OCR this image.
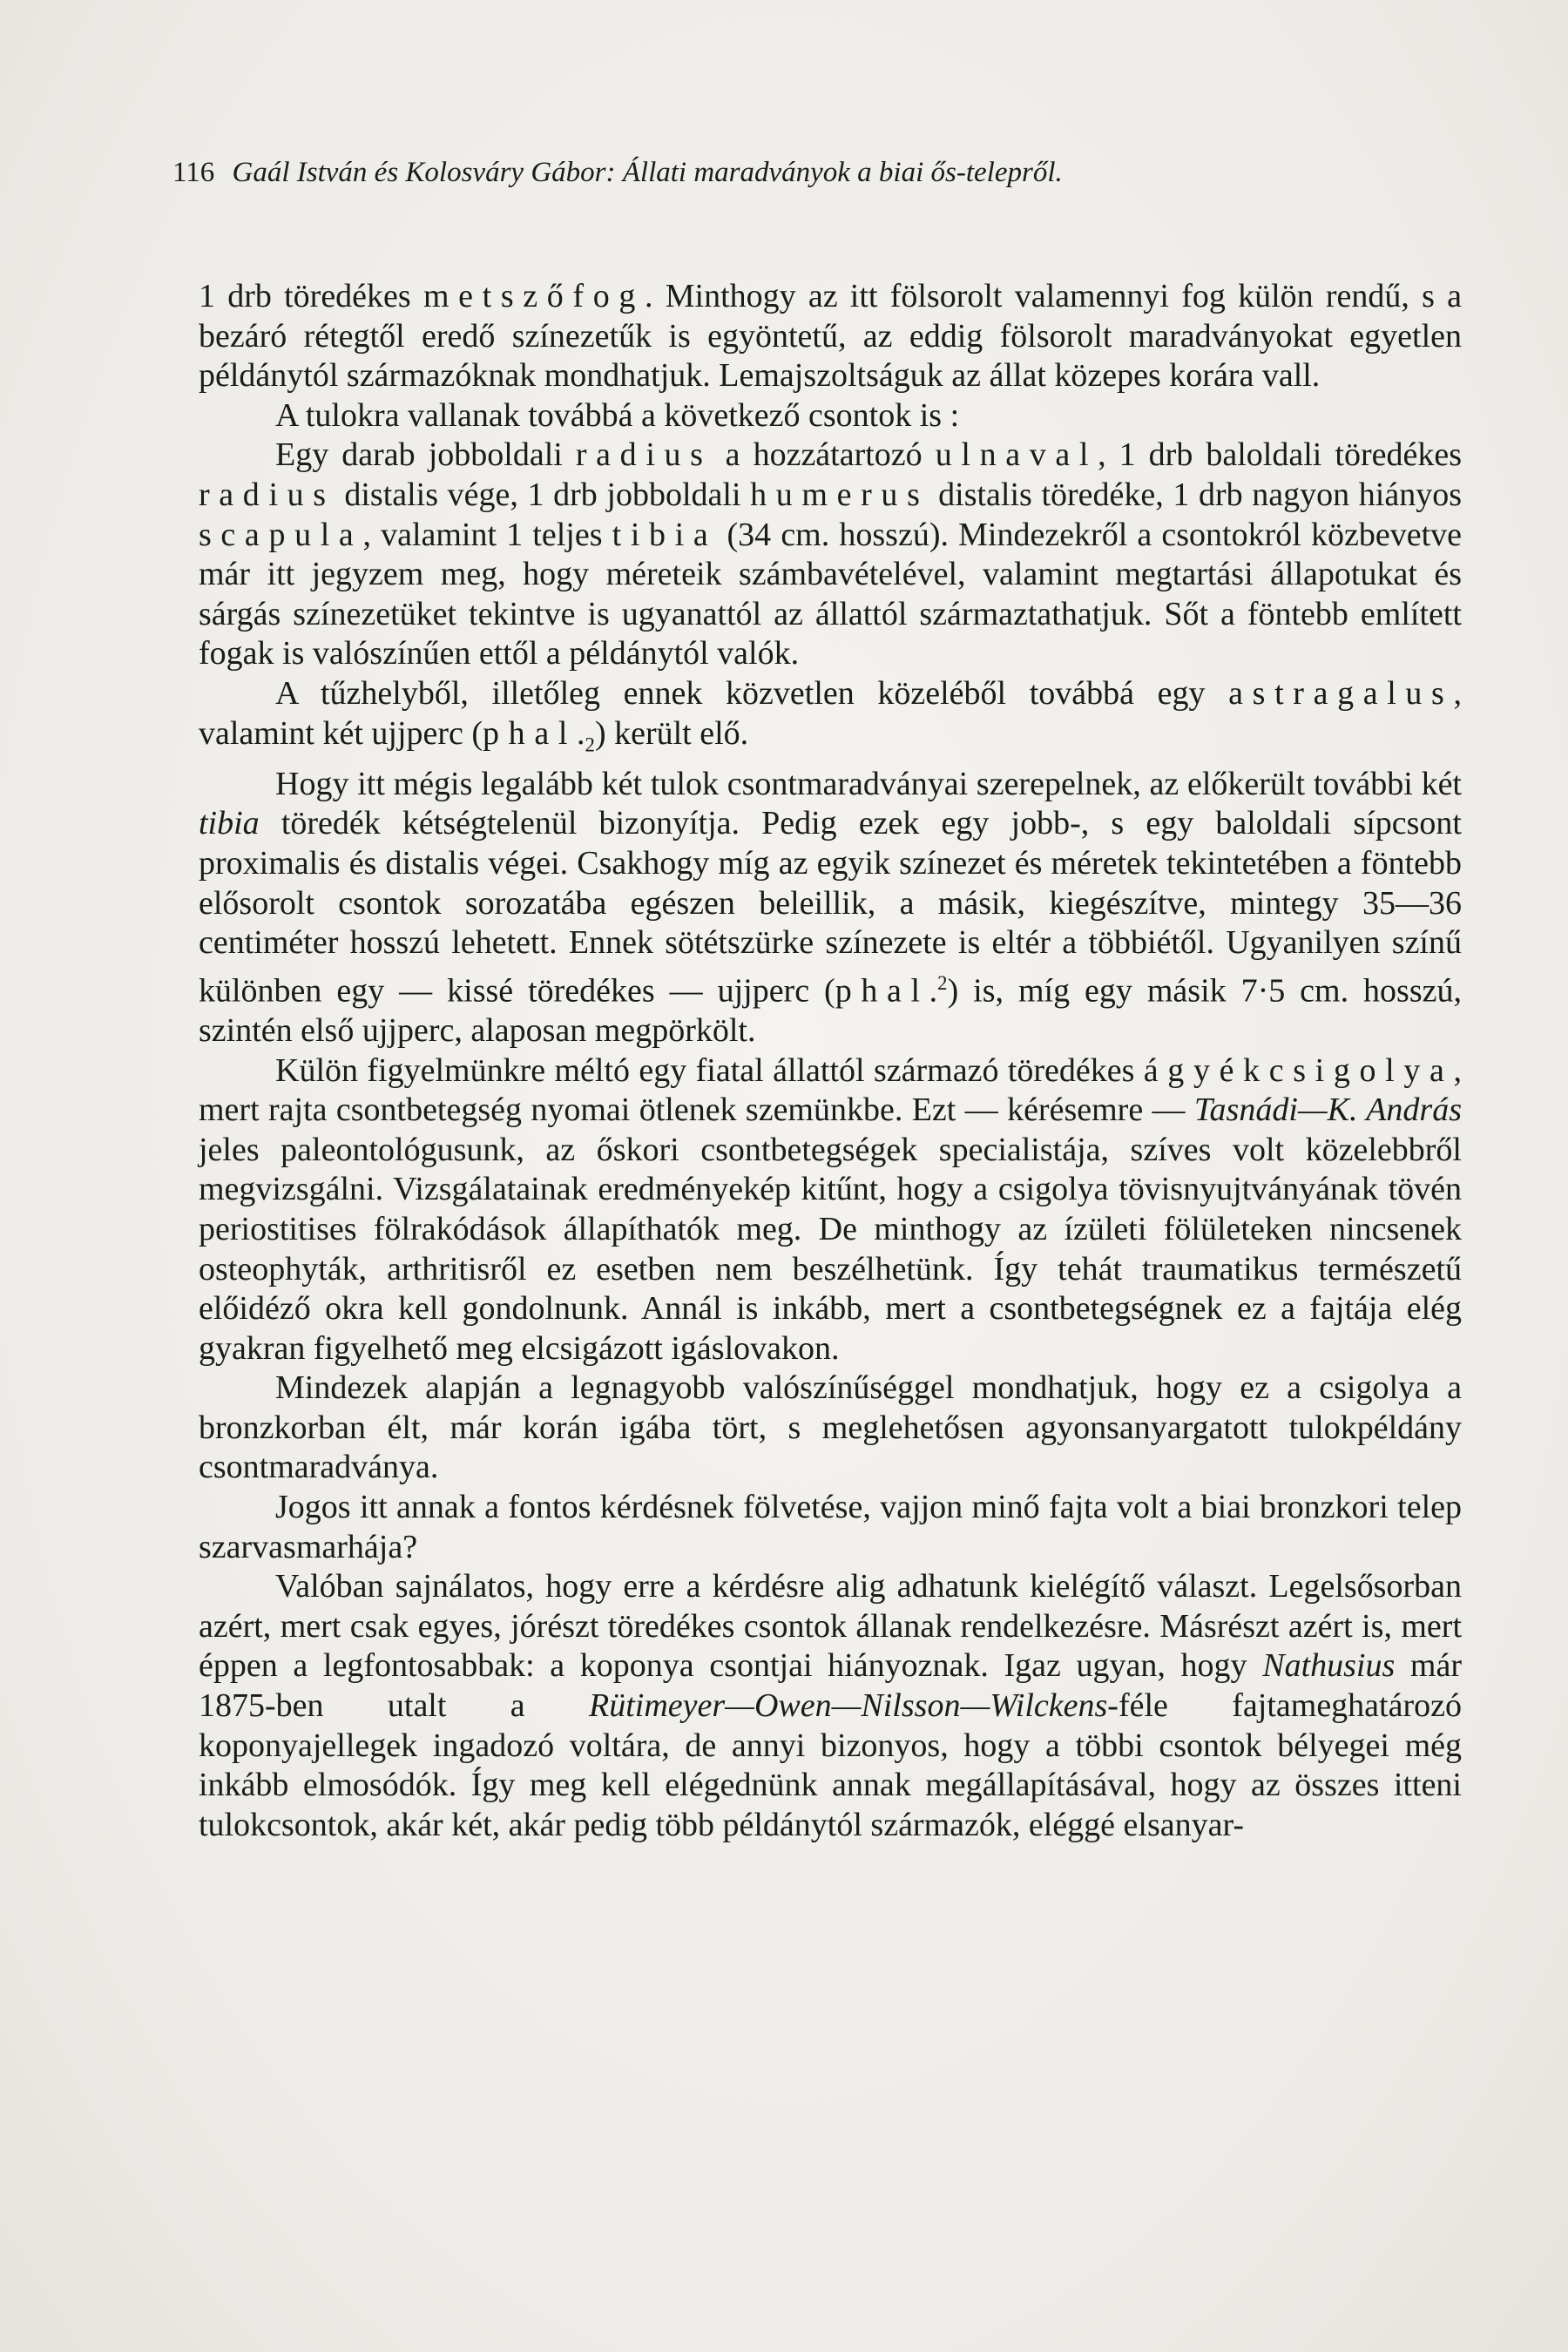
116 Gaál István és Kolosváry Gábor: Állati maradványok a biai ős-telepről.

1 drb töredékes metszőfog. Minthogy az itt fölsorolt valamennyi fog külön rendű, s a bezáró rétegtől eredő színezetűk is egyöntetű, az eddig fölsorolt maradványokat egyetlen példánytól származóknak mondhatjuk. Lemajszoltságuk az állat közepes korára vall.

A tulokra vallanak továbbá a következő csontok is :

Egy darab jobboldali radius a hozzátartozó ulnaval, 1 drb baloldali töredékes radius distalis vége, 1 drb jobboldali humerus distalis töredéke, 1 drb nagyon hiányos scapula, valamint 1 teljes tibia (34 cm. hosszú). Mindezekről a csontokról közbevetve már itt jegyzem meg, hogy méreteik számbavételével, valamint megtartási állapotukat és sárgás színezetüket tekintve is ugyanattól az állattól származtathatjuk. Sőt a föntebb említett fogak is valószínűen ettől a példánytól valók.

A tűzhelyből, illetőleg ennek közvetlen közeléből továbbá egy astragalus, valamint két ujjperc $(phal._2)$ került elő.

Hogy itt mégis legalább két tulok csontmaradványai szerepelnek, az előkerült további két tibia töredék kétségtelenül bizonyítja. Pedig ezek egy jobb-, s egy baloldali sípcsont proximalis és distalis végei. Csakhogy míg az egyik színezet és méretek tekintetében a föntebb elősorolt csontok sorozatába egészen beleillik, a másik, kiegészítve, mintegy 35—36 centiméter hosszú lehetett. Ennek sötétszürke színezete is eltér a többiétől. Ugyanilyen színű különben egy — kissé töredékes — ujjperc (phal.$^2$) is, míg egy másik 7·5 cm. hosszú, szintén első ujjperc, alaposan megpörkölt.

Külön figyelmünkre méltó egy fiatal állattól származó töredékes ágyékcsigolya, mert rajta csontbetegség nyomai ötlenek szemünkbe. Ezt — kérésemre — Tasnádi—K. András jeles paleontológusunk, az őskori csontbetegségek specialistája, szíves volt közelebbről megvizsgálni. Vizsgálatainak eredményekép kitűnt, hogy a csigolya tövisnyujtványának tövén periostitises fölrakódások állapíthatók meg. De minthogy az ízületi fölületeken nincsenek osteophyták, arthritisről ez esetben nem beszélhetünk. Így tehát traumatikus természetű előidéző okra kell gondolnunk. Annál is inkább, mert a csontbetegségnek ez a fajtája elég gyakran figyelhető meg elcsigázott igáslovakon.

Mindezek alapján a legnagyobb valószínűséggel mondhatjuk, hogy ez a csigolya a bronzkorban élt, már korán igába tört, s meglehetősen agyonsanyargatott tulokpéldány csontmaradványa.

Jogos itt annak a fontos kérdésnek fölvetése, vajjon minő fajta volt a biai bronzkori telep szarvasmarhája?

Valóban sajnálatos, hogy erre a kérdésre alig adhatunk kielégítő választ. Legelsősorban azért, mert csak egyes, jórészt töredékes csontok állanak rendelkezésre. Másrészt azért is, mert éppen a legfontosabbak: a koponya csontjai hiányoznak. Igaz ugyan, hogy Nathusius már 1875-ben utalt a Rütimeyer—Owen—Nilsson—Wilckens-féle fajtameghatározó koponyajellegek ingadozó voltára, de annyi bizonyos, hogy a többi csontok bélyegei még inkább elmosódók. Így meg kell elégednünk annak megállapításával, hogy az összes itteni tulokcsontok, akár két, akár pedig több példánytól származók, eléggé elsanyar-
